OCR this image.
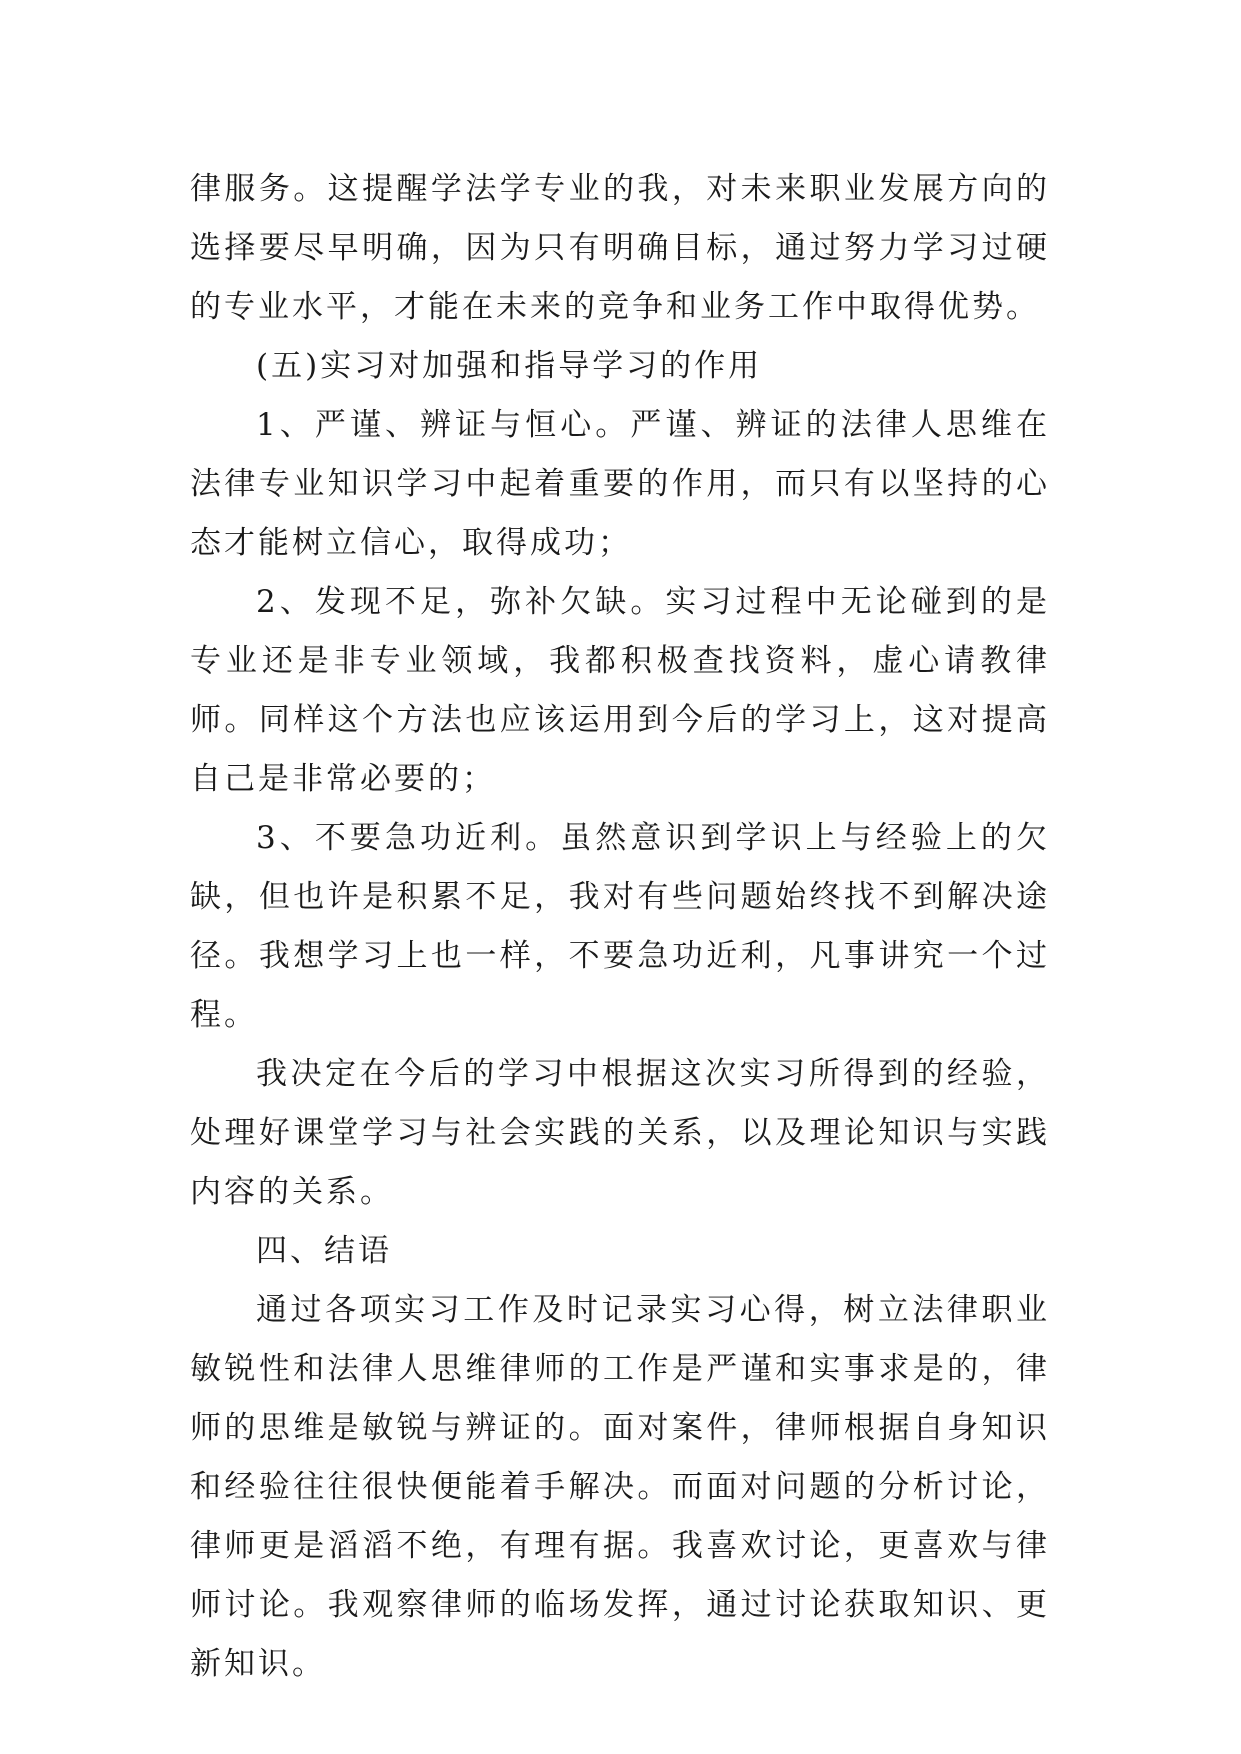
律服务。这提醒学法学专业的我，对未来职业发展方向的选择要尽早明确，因为只有明确目标，通过努力学习过硬的专业水平，才能在未来的竞争和业务工作中取得优势。

(五)实习对加强和指导学习的作用

1、严谨、辨证与恒心。严谨、辨证的法律人思维在法律专业知识学习中起着重要的作用，而只有以坚持的心态才能树立信心，取得成功；

2、发现不足，弥补欠缺。实习过程中无论碰到的是专业还是非专业领域，我都积极查找资料，虚心请教律师。同样这个方法也应该运用到今后的学习上，这对提高自己是非常必要的；

3、不要急功近利。虽然意识到学识上与经验上的欠缺，但也许是积累不足，我对有些问题始终找不到解决途径。我想学习上也一样，不要急功近利，凡事讲究一个过程。

我决定在今后的学习中根据这次实习所得到的经验，处理好课堂学习与社会实践的关系，以及理论知识与实践内容的关系。

四、结语

通过各项实习工作及时记录实习心得，树立法律职业敏锐性和法律人思维律师的工作是严谨和实事求是的，律师的思维是敏锐与辨证的。面对案件，律师根据自身知识和经验往往很快便能着手解决。而面对问题的分析讨论，律师更是滔滔不绝，有理有据。我喜欢讨论，更喜欢与律师讨论。我观察律师的临场发挥，通过讨论获取知识、更新知识。
